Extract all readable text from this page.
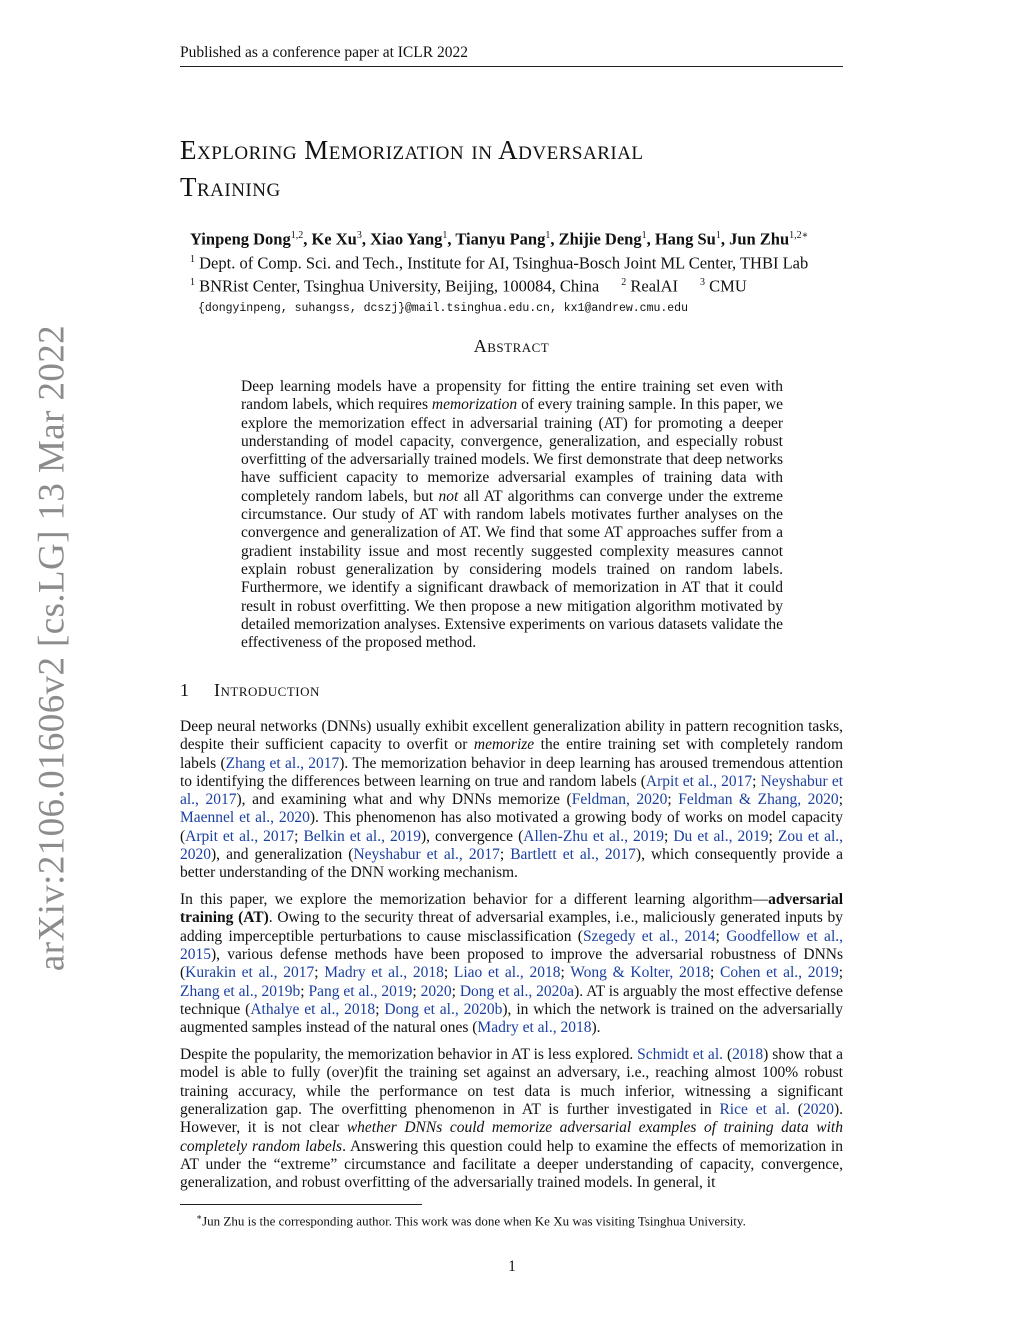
Published as a conference paper at ICLR 2022
arXiv:2106.01606v2 [cs.LG] 13 Mar 2022
Exploring Memorization in Adversarial
Training
Yinpeng Dong$^{1,2}$, Ke Xu$^3$, Xiao Yang$^1$, Tianyu Pang$^1$, Zhijie Deng$^1$, Hang Su$^1$, Jun Zhu$^{1,2∗}$
$^1$ Dept. of Comp. Sci. and Tech., Institute for AI, Tsinghua-Bosch Joint ML Center, THBI Lab
$^1$ BNRist Center, Tsinghua University, Beijing, 100084, China $^2$ RealAI $^3$ CMU
{dongyinpeng, suhangss, dcszj}@mail.tsinghua.edu.cn, kx1@andrew.cmu.edu
Abstract

Deep learning models have a propensity for fitting the entire training set even with random labels, which requires memorization of every training sample. In this paper, we explore the memorization effect in adversarial training (AT) for promoting a deeper understanding of model capacity, convergence, generalization, and especially robust overfitting of the adversarially trained models. We first demonstrate that deep networks have sufficient capacity to memorize adversarial examples of training data with completely random labels, but not all AT algorithms can converge under the extreme circumstance. Our study of AT with random labels motivates further analyses on the convergence and generalization of AT. We find that some AT approaches suffer from a gradient instability issue and most recently suggested complexity measures cannot explain robust generalization by considering models trained on random labels. Furthermore, we identify a significant drawback of memorization in AT that it could result in robust overfitting. We then propose a new mitigation algorithm motivated by detailed memorization analyses. Extensive experiments on various datasets validate the effectiveness of the proposed method.

1 Introduction

Deep neural networks (DNNs) usually exhibit excellent generalization ability in pattern recognition tasks, despite their sufficient capacity to overfit or memorize the entire training set with completely random labels (Zhang et al., 2017). The memorization behavior in deep learning has aroused tremendous attention to identifying the differences between learning on true and random labels (Arpit et al., 2017; Neyshabur et al., 2017), and examining what and why DNNs memorize (Feldman, 2020; Feldman & Zhang, 2020; Maennel et al., 2020). This phenomenon has also motivated a growing body of works on model capacity (Arpit et al., 2017; Belkin et al., 2019), convergence (Allen-Zhu et al., 2019; Du et al., 2019; Zou et al., 2020), and generalization (Neyshabur et al., 2017; Bartlett et al., 2017), which consequently provide a better understanding of the DNN working mechanism.

In this paper, we explore the memorization behavior for a different learning algorithm—adversarial training (AT). Owing to the security threat of adversarial examples, i.e., maliciously generated inputs by adding imperceptible perturbations to cause misclassification (Szegedy et al., 2014; Goodfellow et al., 2015), various defense methods have been proposed to improve the adversarial robustness of DNNs (Kurakin et al., 2017; Madry et al., 2018; Liao et al., 2018; Wong & Kolter, 2018; Cohen et al., 2019; Zhang et al., 2019b; Pang et al., 2019; 2020; Dong et al., 2020a). AT is arguably the most effective defense technique (Athalye et al., 2018; Dong et al., 2020b), in which the network is trained on the adversarially augmented samples instead of the natural ones (Madry et al., 2018).

Despite the popularity, the memorization behavior in AT is less explored. Schmidt et al. (2018) show that a model is able to fully (over)fit the training set against an adversary, i.e., reaching almost 100% robust training accuracy, while the performance on test data is much inferior, witnessing a significant generalization gap. The overfitting phenomenon in AT is further investigated in Rice et al. (2020). However, it is not clear whether DNNs could memorize adversarial examples of training data with completely random labels. Answering this question could help to examine the effects of memorization in AT under the “extreme” circumstance and facilitate a deeper understanding of capacity, convergence, generalization, and robust overfitting of the adversarially trained models. In general, it

∗Jun Zhu is the corresponding author. This work was done when Ke Xu was visiting Tsinghua University.
1
